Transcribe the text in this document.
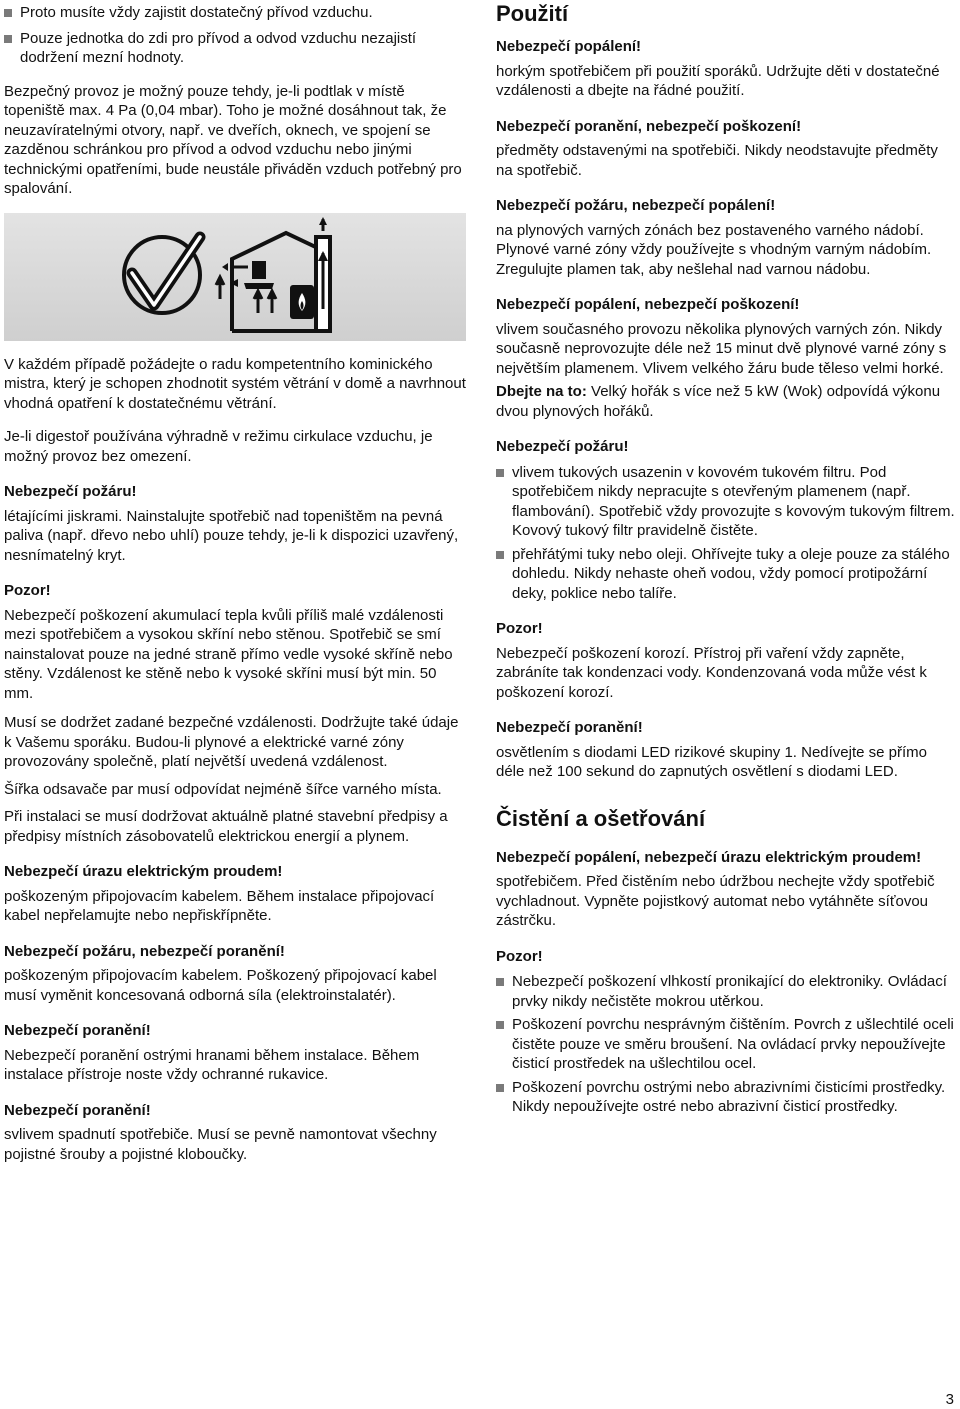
Proto musíte vždy zajistit dostatečný přívod vzduchu.

Pouze jednotka do zdi pro přívod a odvod vzduchu nezajistí dodržení mezní hodnoty.

Bezpečný provoz je možný pouze tehdy, je-li podtlak v místě topeniště max. 4 Pa (0,04 mbar). Toho je možné dosáhnout tak, že neuzavíratelnými otvory, např. ve dveřích, oknech, ve spojení se zazděnou schránkou pro přívod a odvod vzduchu nebo jinými technickými opatřeními, bude neustále přiváděn vzduch potřebný pro spalování.

V každém případě požádejte o radu kompetentního kominického mistra, který je schopen zhodnotit systém větrání v domě a navrhnout vhodná opatření k dostatečnému větrání.

Je-li digestoř používána výhradně v režimu cirkulace vzduchu, je možný provoz bez omezení.

Nebezpečí požáru!

létajícími jiskrami. Nainstalujte spotřebič nad topeništěm na pevná paliva (např. dřevo nebo uhlí) pouze tehdy, je-li k dispozici uzavřený, nesnímatelný kryt.

Pozor!

Nebezpečí poškození akumulací tepla kvůli příliš malé vzdálenosti mezi spotřebičem a vysokou skříní nebo stěnou. Spotřebič se smí nainstalovat pouze na jedné straně přímo vedle vysoké skříně nebo stěny. Vzdálenost ke stěně nebo k vysoké skříni musí být min. 50 mm.

Musí se dodržet zadané bezpečné vzdálenosti. Dodržujte také údaje k Vašemu sporáku. Budou-li plynové a elektrické varné zóny provozovány společně, platí největší uvedená vzdálenost.

Šířka odsavače par musí odpovídat nejméně šířce varného místa.

Při instalaci se musí dodržovat aktuálně platné stavební předpisy a předpisy místních zásobovatelů elektrickou energií a plynem.

Nebezpečí úrazu elektrickým proudem!

poškozeným připojovacím kabelem. Během instalace připojovací kabel nepřelamujte nebo nepřiskřípněte.

Nebezpečí požáru, nebezpečí poranění!

poškozeným připojovacím kabelem. Poškozený připojovací kabel musí vyměnit koncesovaná odborná síla (elektroinstalatér).

Nebezpečí poranění!

Nebezpečí poranění ostrými hranami během instalace. Během instalace přístroje noste vždy ochranné rukavice.

Nebezpečí poranění!

svlivem spadnutí spotřebiče. Musí se pevně namontovat všechny pojistné šrouby a pojistné kloboučky.

Použití

Nebezpečí popálení!

horkým spotřebičem při použití sporáků. Udržujte děti v dostatečné vzdálenosti a dbejte na řádné použití.

Nebezpečí poranění, nebezpečí poškození!

předměty odstavenými na spotřebiči. Nikdy neodstavujte předměty na spotřebič.

Nebezpečí požáru, nebezpečí popálení!

na plynových varných zónách bez postaveného varného nádobí. Plynové varné zóny vždy používejte s vhodným varným nádobím. Zregulujte plamen tak, aby nešlehal nad varnou nádobu.

Nebezpečí popálení, nebezpečí poškození!

vlivem současného provozu několika plynových varných zón. Nikdy současně neprovozujte déle než 15 minut dvě plynové varné zóny s největším plamenem. Vlivem velkého žáru bude těleso velmi horké.

Dbejte na to: Velký hořák s více než 5 kW (Wok) odpovídá výkonu dvou plynových hořáků.

Nebezpečí požáru!

vlivem tukových usazenin v kovovém tukovém filtru. Pod spotřebičem nikdy nepracujte s otevřeným plamenem (např. flambování). Spotřebič vždy provozujte s kovovým tukovým filtrem. Kovový tukový filtr pravidelně čistěte.

přehřátými tuky nebo oleji. Ohřívejte tuky a oleje pouze za stálého dohledu. Nikdy nehaste oheň vodou, vždy pomocí protipožární deky, poklice nebo talíře.

Pozor!

Nebezpečí poškození korozí. Přístroj při vaření vždy zapněte, zabráníte tak kondenzaci vody. Kondenzovaná voda může vést k poškození korozí.

Nebezpečí poranění!

osvětlením s diodami LED rizikové skupiny 1. Nedívejte se přímo déle než 100 sekund do zapnutých osvětlení s diodami LED.

Čistění a ošetřování

Nebezpečí popálení, nebezpečí úrazu elektrickým proudem!

spotřebičem. Před čistěním nebo údržbou nechejte vždy spotřebič vychladnout. Vypněte pojistkový automat nebo vytáhněte síťovou zástrčku.

Pozor!

Nebezpečí poškození vlhkostí pronikající do elektroniky. Ovládací prvky nikdy nečistěte mokrou utěrkou.

Poškození povrchu nesprávným čištěním. Povrch z ušlechtilé oceli čistěte pouze ve směru broušení. Na ovládací prvky nepoužívejte čisticí prostředek na ušlechtilou ocel.

Poškození povrchu ostrými nebo abrazivními čisticími prostředky. Nikdy nepoužívejte ostré nebo abrazivní čisticí prostředky.

3
